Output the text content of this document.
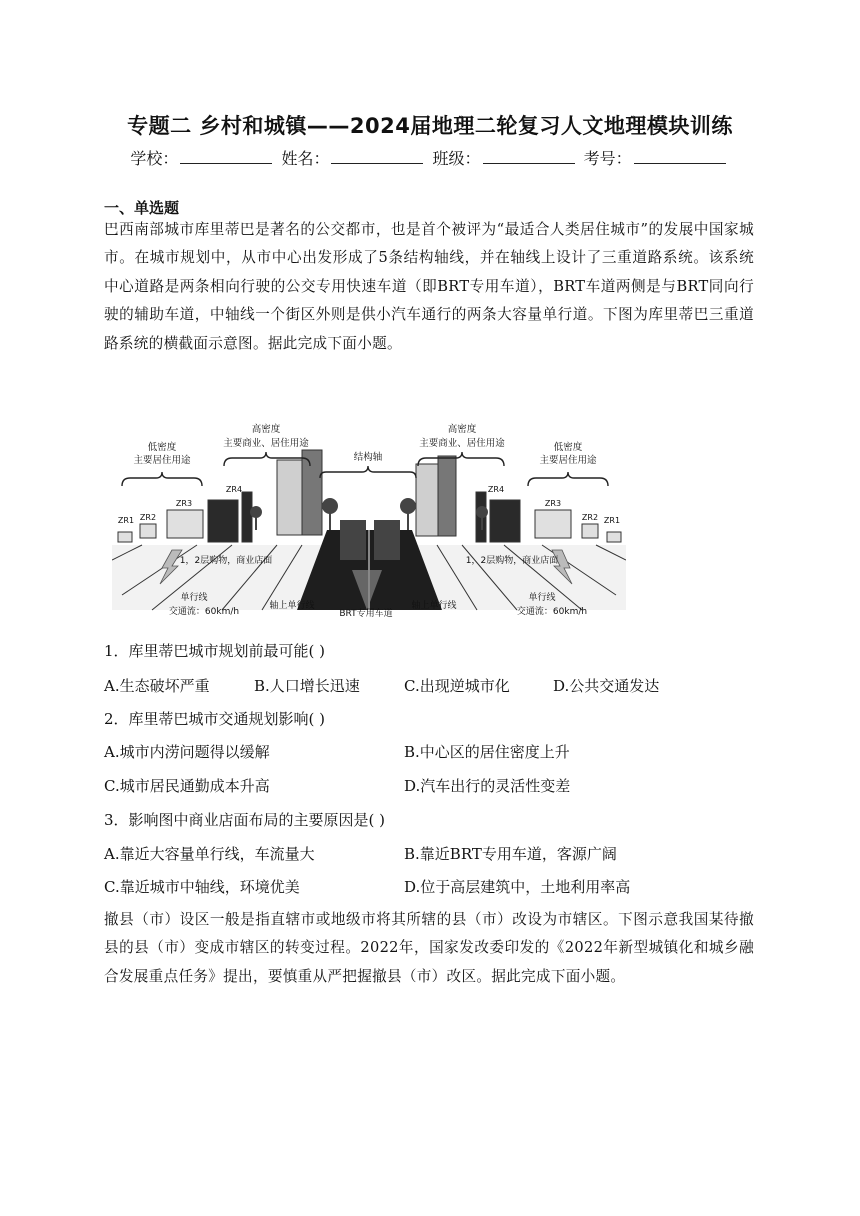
专题二 乡村和城镇——2024届地理二轮复习人文地理模块训练
学校：	姓名：	班级：	考号：
一、单选题
巴西南部城市库里蒂巴是著名的公交都市，也是首个被评为“最适合人类居住城市”的发展中国家城市。在城市规划中，从市中心出发形成了5条结构轴线，并在轴线上设计了三重道路系统。该系统中心道路是两条相向行驶的公交专用快速车道（即BRT专用车道），BRT车道两侧是与BRT同向行驶的辅助车道，中轴线一个街区外则是供小汽车通行的两条大容量单行道。下图为库里蒂巴三重道路系统的横截面示意图。据此完成下面小题。
低密度
主要居住用途
高密度
主要商业、居住用途
结构轴
高密度
主要商业、居住用途	低密度
主要居住用途
ZR1 ZR2
ZR3
ZR4	ZR4
ZR3
ZR2 ZR1
1，2层购物，商业店面	1，2层购物，商业店面
单行线
交通流：60km/h
轴上单行线
BRT专用车道
轴上单行线
单行线
交通流：60km/h
1．库里蒂巴城市规划前最可能( )
A.生态破坏严重	B.人口增长迅速	C.出现逆城市化	D.公共交通发达
2．库里蒂巴城市交通规划影响( )
A.城市内涝问题得以缓解	B.中心区的居住密度上升
C.城市居民通勤成本升高	D.汽车出行的灵活性变差
3．影响图中商业店面布局的主要原因是( )
A.靠近大容量单行线，车流量大	B.靠近BRT专用车道，客源广阔
C.靠近城市中轴线，环境优美	D.位于高层建筑中，土地利用率高
撤县（市）设区一般是指直辖市或地级市将其所辖的县（市）改设为市辖区。下图示意我国某待撤县的县（市）变成市辖区的转变过程。2022年，国家发改委印发的《2022年新型城镇化和城乡融合发展重点任务》提出，要慎重从严把握撤县（市）改区。据此完成下面小题。
